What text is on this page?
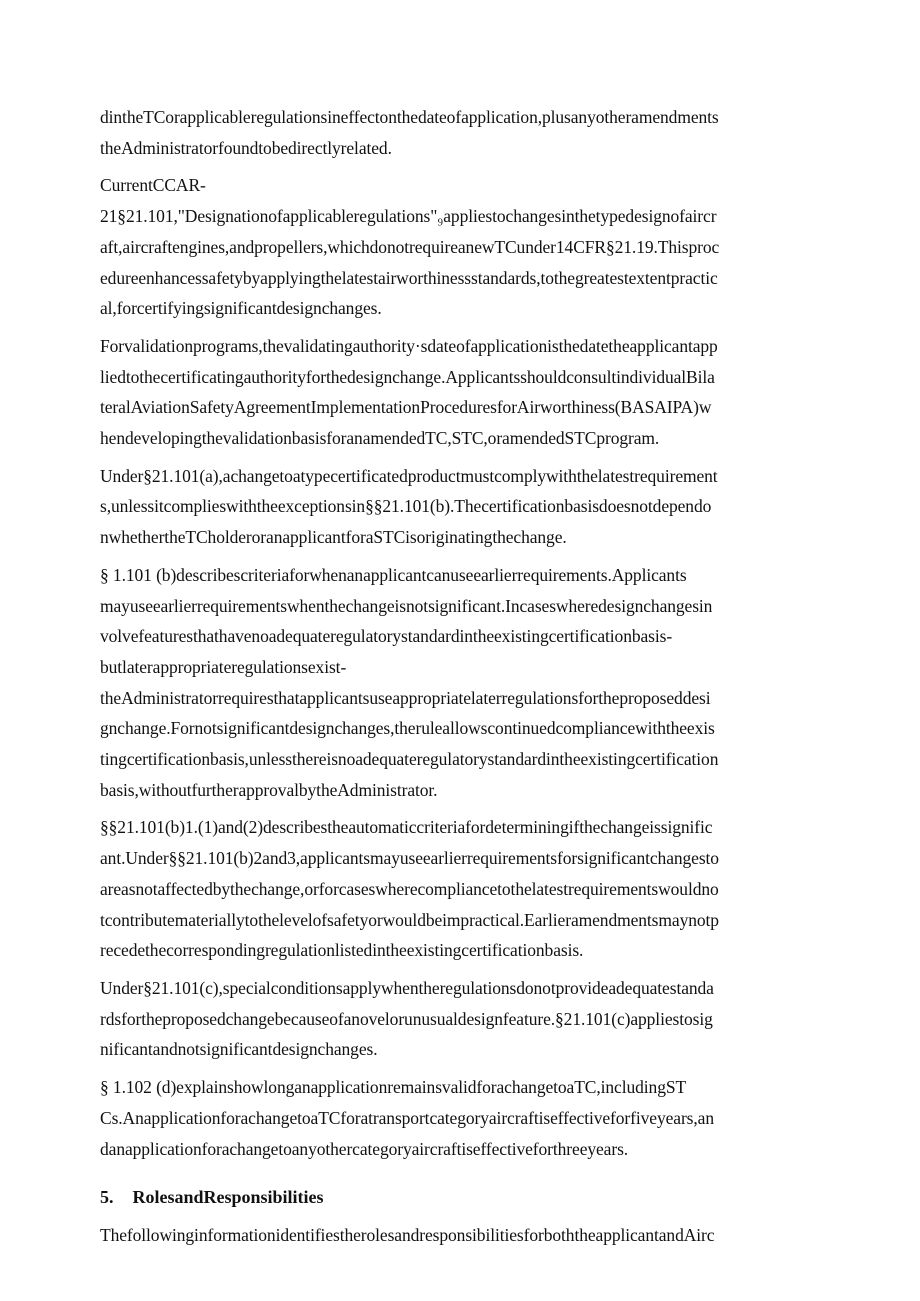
dintheTCorapplicableregulationsineffectonthedateofapplication,plusanyotheramendments
theAdministratorfoundtobedirectlyrelated.

CurrentCCAR-
21§21.101,"Designationofapplicableregulations"₉appliestochangesinthetypedesignofaircr
aft,aircraftengines,andpropellers,whichdonotrequireanewTCunder14CFR§21.19.Thisproc
edureenhancessafetybyapplyingthelatestairworthinessstandards,tothegreatestextentpractic
al,forcertifyingsignificantdesignchanges.

Forvalidationprograms,thevalidatingauthority·sdateofapplicationisthedatetheapplicantapp
liedtothecertificatingauthorityforthedesignchange.ApplicantsshouldconsultindividualBila
teralAviationSafetyAgreementImplementationProceduresforAirworthiness(BASAIPA)w
hendevelopingthevalidationbasisforanamendedTC,STC,oramendedSTCprogram.

Under§21.101(a),achangetoatypecertificatedproductmustcomplywiththelatestrequirement
s,unlessitcomplieswiththeexceptionsin§§21.101(b).Thecertificationbasisdoesnotdependo
nwhethertheTCholderoranapplicantforaSTCisoriginatingthechange.

§ 1.101 (b)describescriteriaforwhenanapplicantcanuseearlierrequirements.Applicants
mayuseearlierrequirementswhenthechangeisnotsignificant.Incaseswheredesignchangesin
volvefeaturesthathavenoadequateregulatorystandardintheexistingcertificationbasis-
butlaterappropriateregulationsexist-
theAdministratorrequiresthatapplicantsuseappropriatelaterregulationsfortheproposeddesi
gnchange.Fornotsignificantdesignchanges,theruleallowscontinuedcompliancewiththeexis
tingcertificationbasis,unlessthereisnoadequateregulatorystandardintheexistingcertification
basis,withoutfurtherapprovalbytheAdministrator.

§§21.101(b)1.(1)and(2)describestheautomaticcriteriafordeterminingifthechangeissignific
ant.Under§§21.101(b)2and3,applicantsmayuseearlierrequirementsforsignificantchangesto
areasnotaffectedbythechange,orforcaseswherecompliancetothelatestrequirementswouldno
tcontributemateriallytothelevelofsafetyorwouldbeimpractical.Earlieramendmentsmaynotp
recedethecorrespondingregulationlistedintheexistingcertificationbasis.

Under§21.101(c),specialconditionsapplywhentheregulationsdonotprovideadequatestanda
rdsfortheproposedchangebecauseofanovelorunusualdesignfeature.§21.101(c)appliestosig
nificantandnotsignificantdesignchanges.

§ 1.102 (d)explainshowlonganapplicationremainsvalidforachangetoaTC,includingST
Cs.AnapplicationforachangetoaTCforatransportcategoryaircraftiseffectiveforfiveyears,an
danapplicationforachangetoanyothercategoryaircraftiseffectiveforthreeyears.

5. RolesandResponsibilities

ThefollowinginformationidentifiestherolesandresponsibilitiesforboththeapplicantandAirc
